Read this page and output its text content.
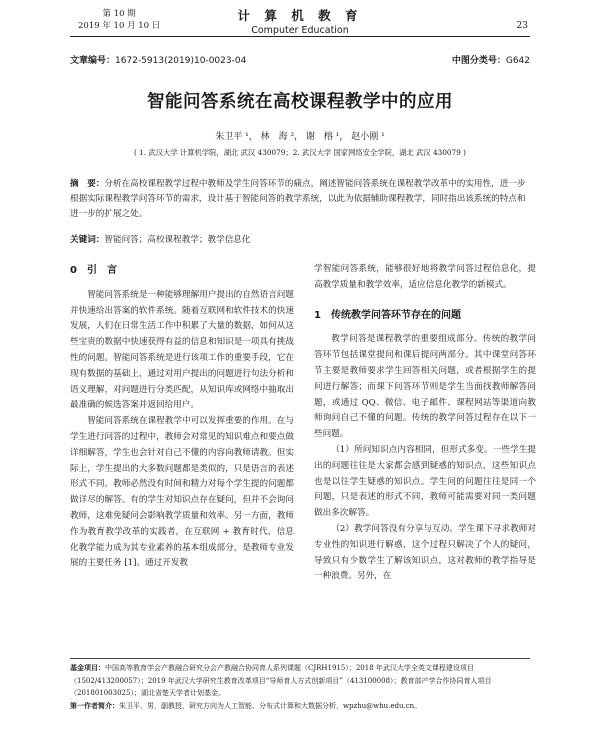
第 10 期
2019 年 10 月 10 日
计 算 机 教 育
Computer Education	23
文章编号：1672-5913(2019)10-0023-04	中图分类号：G642
智能问答系统在高校课程教学中的应用
朱卫平 ¹， 林　海 ²， 谢　榕 ¹， 赵小刚 ¹
( 1. 武汉大学 计算机学院，湖北 武汉 430079；2. 武汉大学 国家网络安全学院，湖北 武汉 430079 )
摘　要：分析在高校课程教学过程中教师及学生问答环节的痛点，阐述智能问答系统在课程教学改革中的实用性，进一步根据实际课程教学问答环节的需求，设计基于智能问答的教学系统，以此为依据辅助课程教学，同时指出该系统的特点和进一步的扩展之处。
关键词：智能问答；高校课程教学；教学信息化
0　引　言

智能问答系统是一种能够理解用户提出的自然语言问题并快速给出答案的软件系统。随着互联网和软件技术的快速发展，人们在日常生活工作中积累了大量的数据，如何从这些宝贵的数据中快速获得有益的信息和知识是一项具有挑战性的问题。智能问答系统是进行该项工作的重要手段，它在现有数据的基础上，通过对用户提出的问题进行句法分析和语义理解，对问题进行分类匹配，从知识库或网络中抽取出最准确的候选答案并返回给用户。

智能问答系统在课程教学中可以发挥重要的作用。在与学生进行问答的过程中，教师会对常见的知识难点和要点做详细解答，学生也会针对自己不懂的内容向教师请教。但实际上，学生提出的大多数问题都是类似的，只是语言的表述形式不同。教师必然没有时间和精力对每个学生提的问题都做详尽的解答。有的学生对知识点存在疑问，但并不会询问教师，这难免疑问会影响教学质量和效率。另一方面，教师作为教育教学改革的实践者，在互联网 + 教育时代，信息化教学能力成为其专业素养的基本组成部分，是教师专业发展的主要任务 [1]。通过开发教

学智能问答系统，能够很好地将教学问答过程信息化，提高教学质量和教学效率，适应信息化教学的新模式。

1　传统教学问答环节存在的问题

教学问答是课程教学的重要组成部分。传统的教学问答环节包括课堂提问和课后提问两部分。其中课堂问答环节主要是教师要求学生回答相关问题，或者根据学生的提问进行解答；而课下问答环节则是学生当面找教师解答问题，或通过 QQ、微信、电子邮件、课程网站等渠道向教师询问自己不懂的问题。传统的教学问答过程存在以下一些问题。

（1）所问知识点内容相同，但形式多变。一些学生提出的问题往往是大家都会感到疑惑的知识点，这些知识点也是以往学生疑惑的知识点。学生问的问题往往是同一个问题，只是表述的形式不同，教师可能需要对同一类问题做出多次解答。

（2）教学问答没有分享与互动。学生课下寻求教师对专业性的知识进行解惑，这个过程只解决了个人的疑问，导致只有少数学生了解该知识点，这对教师的教学指导是一种浪费。另外，在

基金项目：中国高等教育学会产教融合研究分会产教融合协同育人系列课题（CJRH1915）；2018 年武汉大学全英文课程建设项目（1502/413200057）；2019 年武汉大学研究生教育改革项目“导师育人方式创新项目”（413100008）；教育部产学合作协同育人项目（201801003025）；湖北省楚天学者计划基金。
第一作者简介：朱卫平，男，副教授，研究方向为人工智能、分布式计算和大数据分析，wpzhu@whu.edu.cn。
